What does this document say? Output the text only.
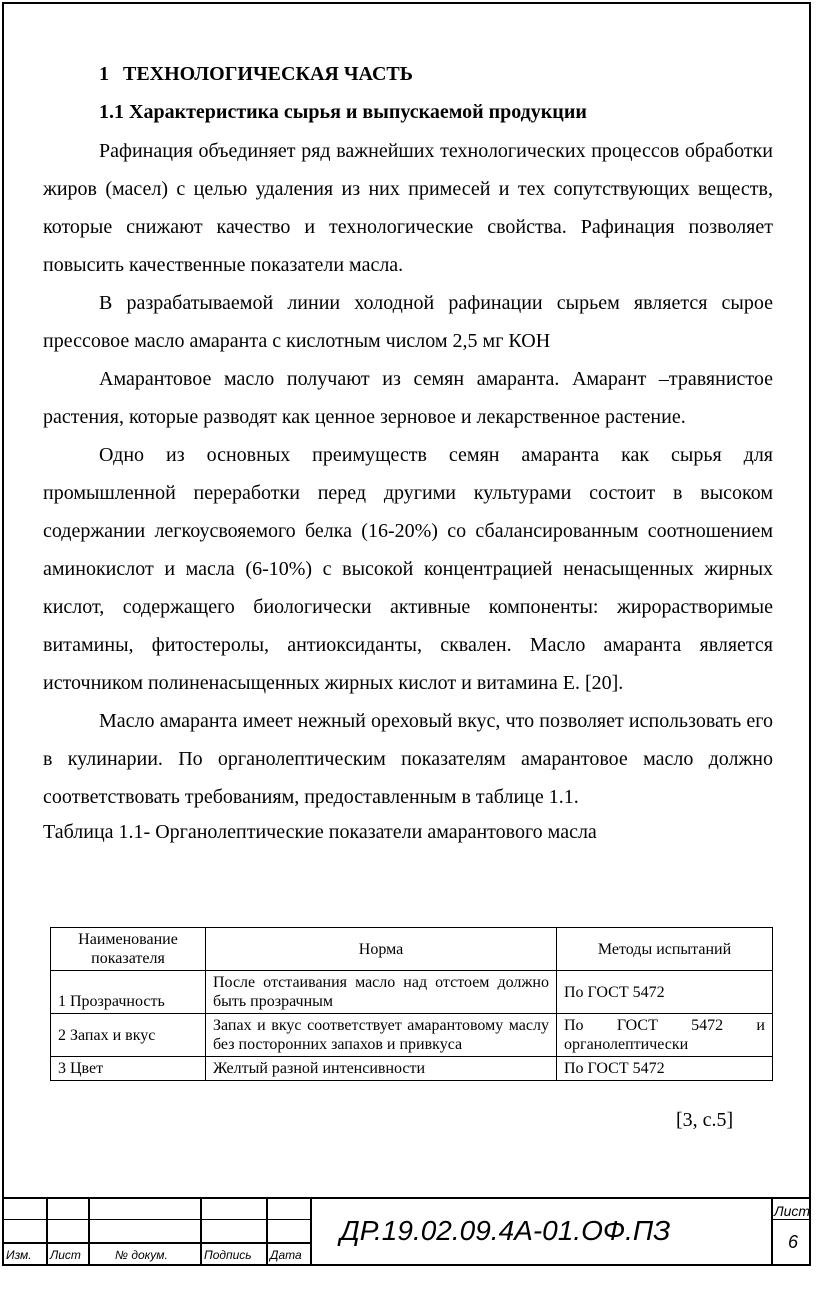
1 ТЕХНОЛОГИЧЕСКАЯ ЧАСТЬ
1.1 Характеристика сырья и выпускаемой продукции

Рафинация объединяет ряд важнейших технологических процессов обработки жиров (масел) с целью удаления из них примесей и тех сопутствующих веществ, которые снижают качество и технологические свойства. Рафинация позволяет повысить качественные показатели масла.

В разрабатываемой линии холодной рафинации сырьем является сырое прессовое масло амаранта с кислотным числом 2,5 мг КОН

Амарантовое масло получают из семян амаранта. Амарант –травянистое растения, которые разводят как ценное зерновое и лекарственное растение.

Одно из основных преимуществ семян амаранта как сырья для промышленной переработки перед другими культурами состоит в высоком содержании легкоусвояемого белка (16-20%) со сбалансированным соотношением аминокислот и масла (6-10%) с высокой концентрацией ненасыщенных жирных кислот, содержащего биологически активные компоненты: жирорастворимые витамины, фитостеролы, антиоксиданты, сквален. Масло амаранта является источником полиненасыщенных жирных кислот и витамина Е. [20].

Масло амаранта имеет нежный ореховый вкус, что позволяет использовать его в кулинарии. По органолептическим показателям амарантовое масло должно соответствовать требованиям, предоставленным в таблице 1.1.

Таблица 1.1- Органолептические показатели амарантового масла
Наименование показателя	Норма	Методы испытаний
1 Прозрачность	После отстаивания масло над отстоем должно быть прозрачным	По ГОСТ 5472
2 Запах и вкус	Запах и вкус соответствует амарантовому маслу без посторонних запахов и привкуса	По ГОСТ 5472 и органолептически
3 Цвет	Желтый разной интенсивности	По ГОСТ 5472
[3, с.5]
Изм. Лист	№ докум.	Подпись Дата
ДР.19.02.09.4А-01.ОФ.ПЗ
Лист
6
